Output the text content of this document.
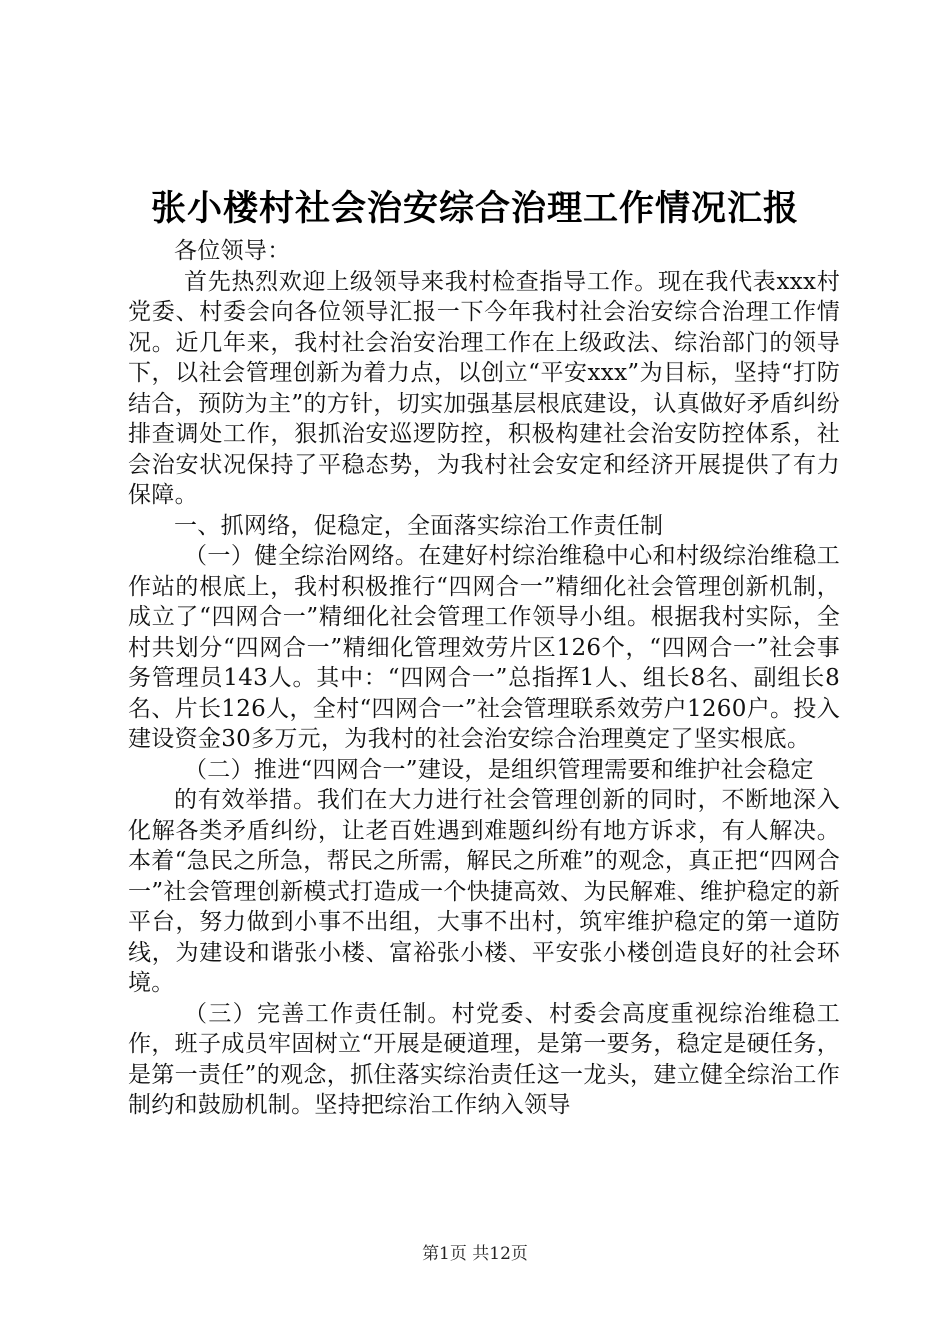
张小楼村社会治安综合治理工作情况汇报

各位领导：

首先热烈欢迎上级领导来我村检查指导工作。现在我代表xxx村党委、村委会向各位领导汇报一下今年我村社会治安综合治理工作情况。近几年来，我村社会治安治理工作在上级政法、综治部门的领导下，以社会管理创新为着力点，以创立“平安xxx”为目标，坚持“打防结合，预防为主”的方针，切实加强基层根底建设，认真做好矛盾纠纷排查调处工作，狠抓治安巡逻防控，积极构建社会治安防控体系，社会治安状况保持了平稳态势，为我村社会安定和经济开展提供了有力保障。

一、抓网络，促稳定，全面落实综治工作责任制

（一）健全综治网络。在建好村综治维稳中心和村级综治维稳工作站的根底上，我村积极推行“四网合一”精细化社会管理创新机制，成立了“四网合一”精细化社会管理工作领导小组。根据我村实际，全村共划分“四网合一”精细化管理效劳片区126个，“四网合一”社会事务管理员143人。其中：“四网合一”总指挥1人、组长8名、副组长8名、片长126人，全村“四网合一”社会管理联系效劳户1260户。投入建设资金30多万元，为我村的社会治安综合治理奠定了坚实根底。

（二）推进“四网合一”建设，是组织管理需要和维护社会稳定

的有效举措。我们在大力进行社会管理创新的同时，不断地深入化解各类矛盾纠纷，让老百姓遇到难题纠纷有地方诉求，有人解决。本着“急民之所急，帮民之所需，解民之所难”的观念，真正把“四网合一”社会管理创新模式打造成一个快捷高效、为民解难、维护稳定的新平台，努力做到小事不出组，大事不出村，筑牢维护稳定的第一道防线，为建设和谐张小楼、富裕张小楼、平安张小楼创造良好的社会环境。

（三）完善工作责任制。村党委、村委会高度重视综治维稳工作，班子成员牢固树立“开展是硬道理，是第一要务，稳定是硬任务，是第一责任”的观念，抓住落实综治责任这一龙头，建立健全综治工作制约和鼓励机制。坚持把综治工作纳入领导

第1页 共12页
